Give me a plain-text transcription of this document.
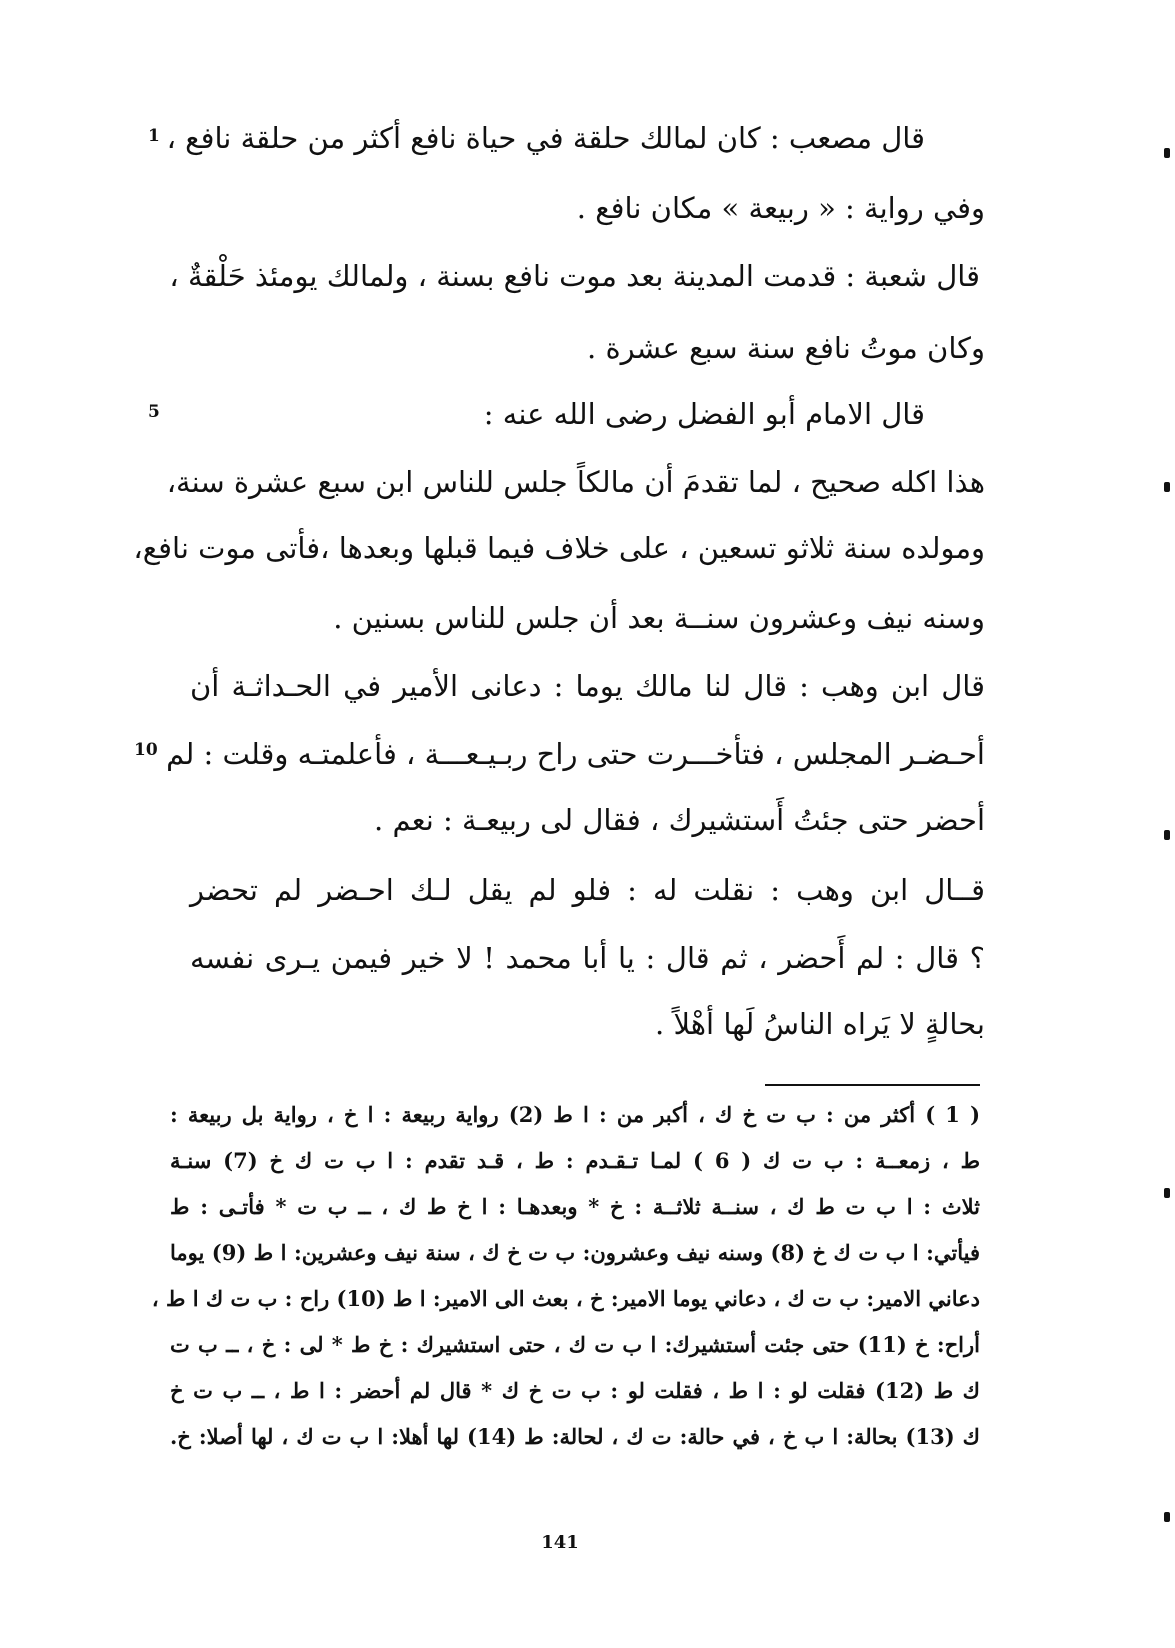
1
5
10
قال مصعب : كان لمالك حلقة في حياة نافع أكثر من حلقة نافع ،
وفي رواية : « ربيعة » مكان نافع .
قال شعبة : قدمت المدينة بعد موت نافع بسنة ، ولمالك يومئذ حَلْقةٌ ،
وكان موتُ نافع سنة سبع عشرة .
قال الامام أبو الفضل رضى الله عنه :
هذا اكله صحيح ، لما تقدمَ أن مالكاً جلس للناس ابن سبع عشرة سنة،
ومولده سنة ثلاثو تسعين ، على خلاف فيما قبلها وبعدها ،فأتى موت نافع،
وسنه نيف وعشرون سنــة بعد أن جلس للناس بسنين .
قال ابن وهب : قال لنا مالك يوما : دعانى الأمير في الحـداثـة أن
أحـضـر المجلس ، فتأخـــرت حتى راح ربـيـعـــة ، فأعلمتـه وقلت : لم
أحضر حتى جئتُ أَستشيرك ، فقال لى ربيعـة : نعم .
قــال ابن وهب : نقلت له : فلو لم يقل لـك احـضر لم تحضر
؟ قال : لم أَحضر ، ثم قال : يا أبا محمد ! لا خير فيمن يـرى نفسه
بحالةٍ لا يَراه الناسُ لَها أهْلاً .
( 1 ) أكثر من : ب ت خ ك ، أكبر من : ا ط (2) رواية ربيعة : ا خ ، رواية بل ربيعة :
ط ، زمعــة : ب ت ك ( 6 ) لمـا تـقـدم : ط ، قـد تقدم : ا ب ت ك خ (7) سنـة
ثلاث : ا ب ت ط ك ، سنــة ثلاثــة : خ * وبعدهـا : ا خ ط ك ، ــ ب ت * فأتـى : ط
فيأتي: ا ب ت ك خ (8) وسنه نيف وعشرون: ب ت خ ك ، سنة نيف وعشرين: ا ط (9) يوما
دعاني الامير: ب ت ك ، دعاني يوما الامير: خ ، بعث الى الامير: ا ط (10) راح : ب ت ك ا ط ،
أراح: خ (11) حتى جئت أستشيرك: ا ب ت ك ، حتى استشيرك : خ ط * لى : خ ، ــ ب ت
ك ط (12) فقلت لو : ا ط ، فقلت لو : ب ت خ ك * قال لم أحضر : ا ط ، ــ ب ت خ
ك (13) بحالة: ا ب خ ، في حالة: ت ك ، لحالة: ط (14) لها أهلا: ا ب ت ك ، لها أصلا: خ.
141
